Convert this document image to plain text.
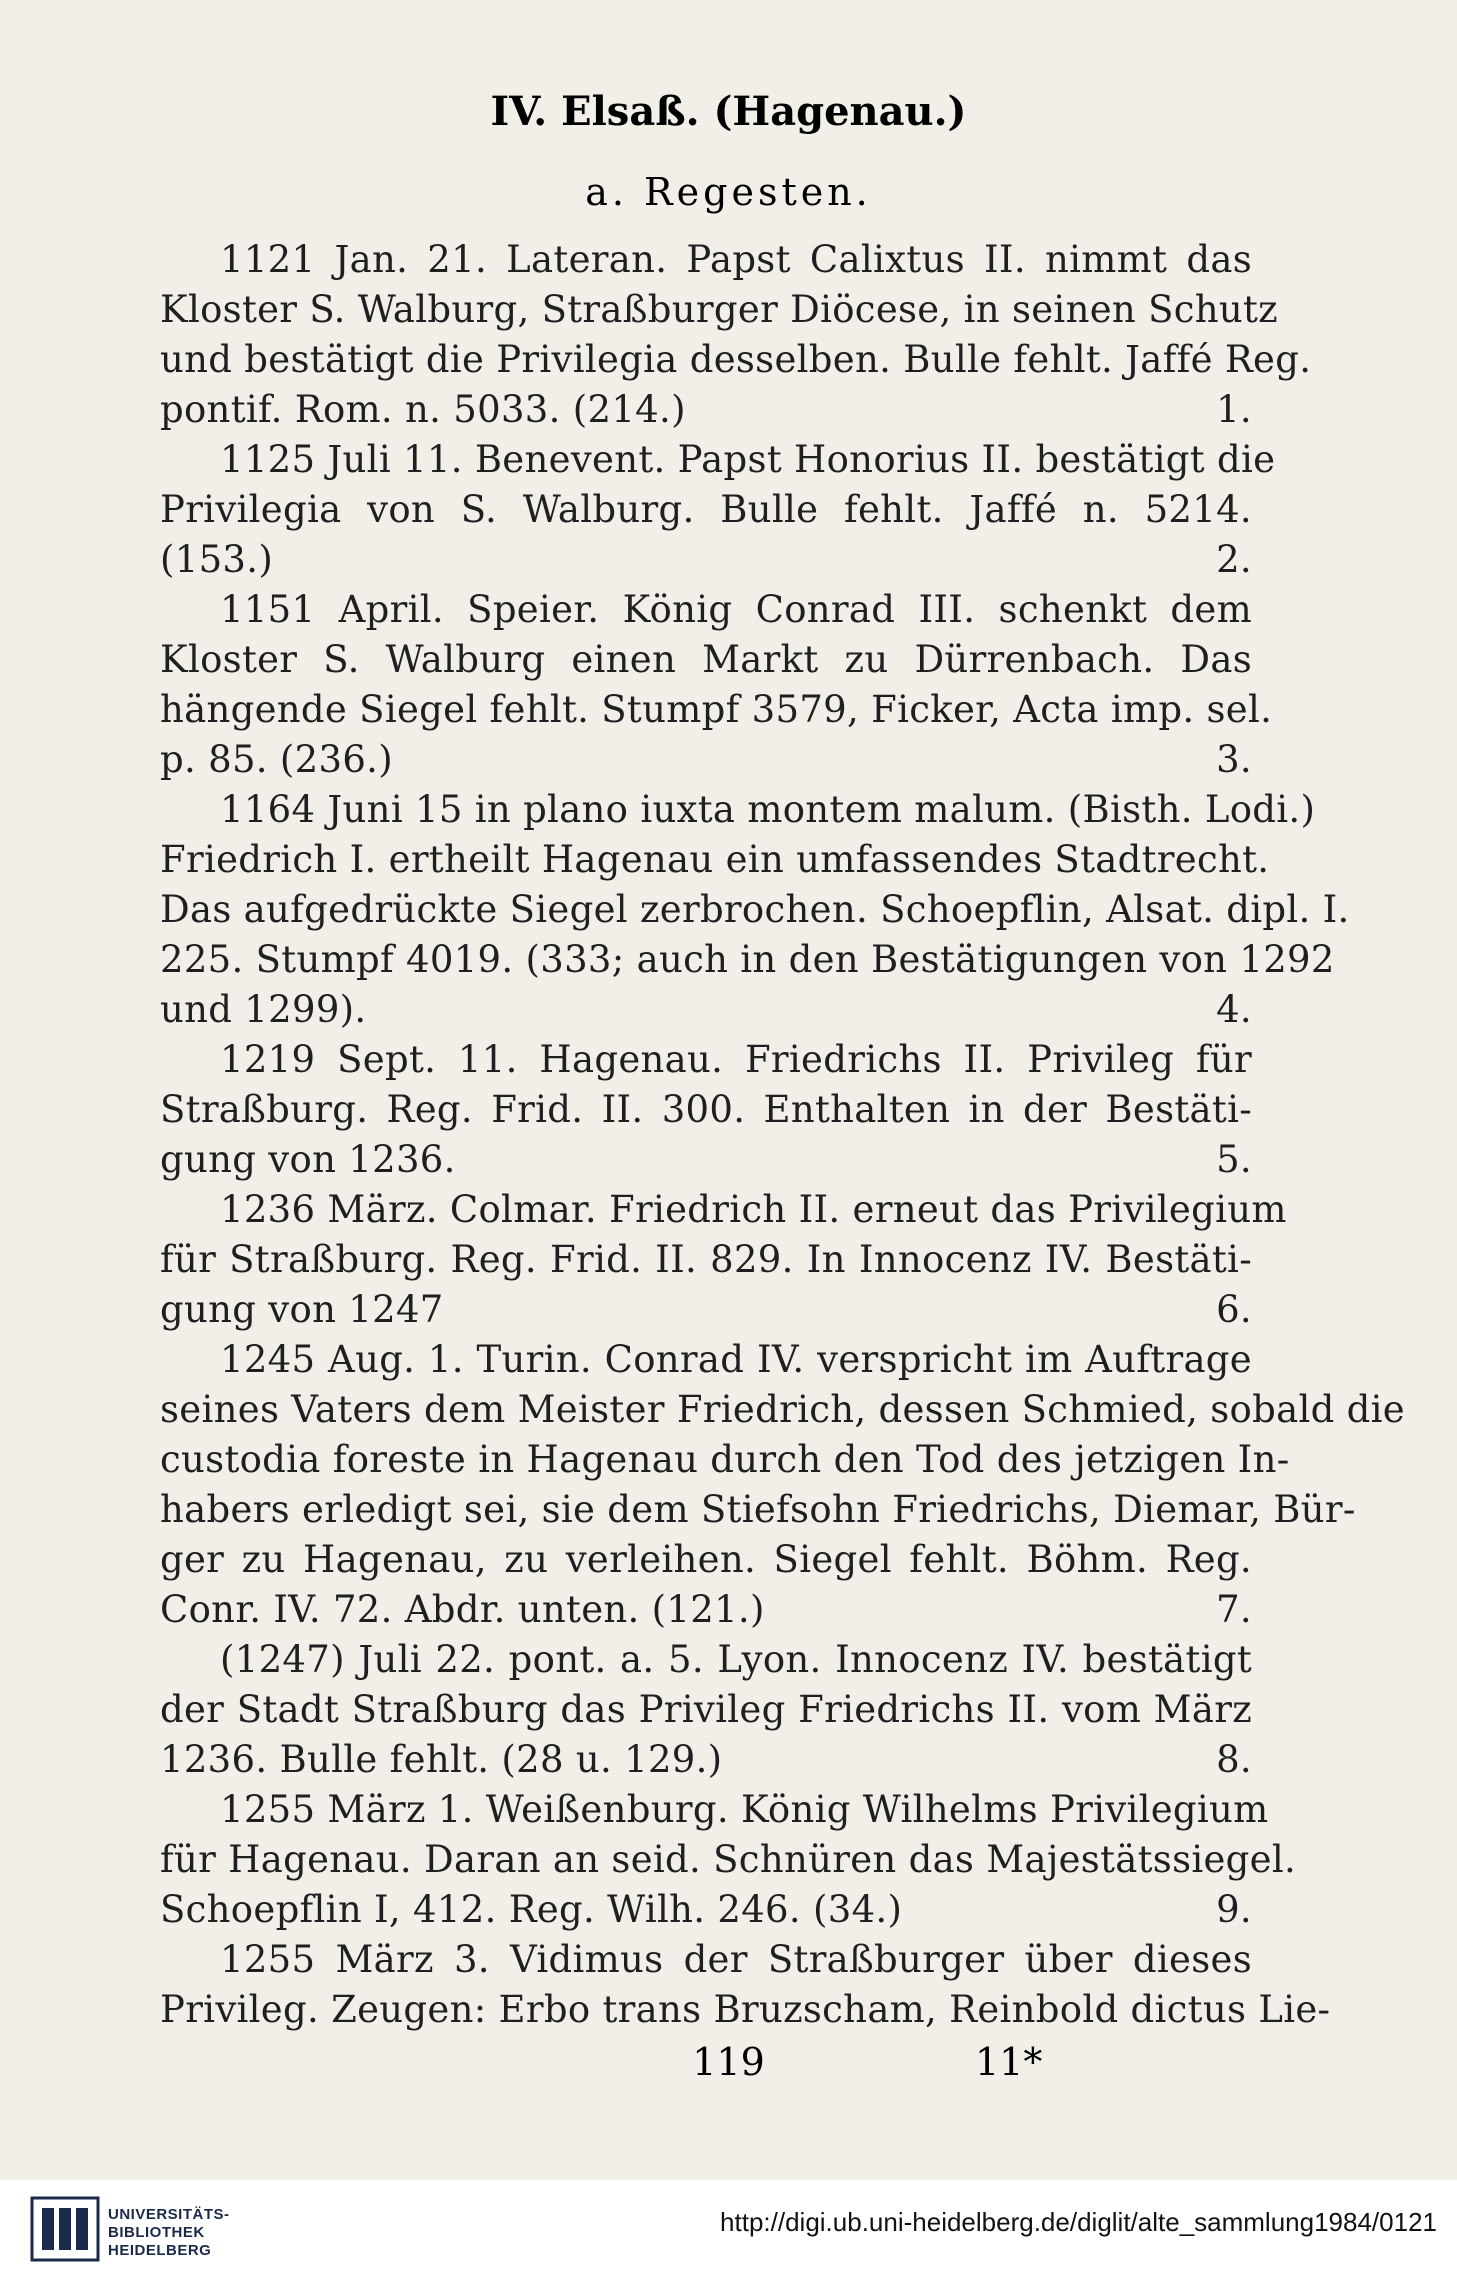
IV. Elsaß. (Hagenau.)
a. Regesten.
1121 Jan. 21. Lateran. Papst Calixtus II. nimmt das
Kloster S. Walburg, Straßburger Diöcese, in seinen Schutz
und bestätigt die Privilegia desselben. Bulle fehlt. Jaffé Reg.
pontif. Rom. n. 5033. (214.)	1.
1125 Juli 11. Benevent. Papst Honorius II. bestätigt die
Privilegia von S. Walburg. Bulle fehlt. Jaffé n. 5214.
(153.)	2.
1151 April. Speier. König Conrad III. schenkt dem
Kloster S. Walburg einen Markt zu Dürrenbach. Das
hängende Siegel fehlt. Stumpf 3579, Ficker, Acta imp. sel.
p. 85. (236.)	3.
1164 Juni 15 in plano iuxta montem malum. (Bisth. Lodi.)
Friedrich I. ertheilt Hagenau ein umfassendes Stadtrecht.
Das aufgedrückte Siegel zerbrochen. Schoepflin, Alsat. dipl. I.
225. Stumpf 4019. (333; auch in den Bestätigungen von 1292
und 1299).	4.
1219 Sept. 11. Hagenau. Friedrichs II. Privileg für
Straßburg. Reg. Frid. II. 300. Enthalten in der Bestäti-
gung von 1236.	5.
1236 März. Colmar. Friedrich II. erneut das Privilegium
für Straßburg. Reg. Frid. II. 829. In Innocenz IV. Bestäti-
gung von 1247	6.
1245 Aug. 1. Turin. Conrad IV. verspricht im Auftrage
seines Vaters dem Meister Friedrich, dessen Schmied, sobald die
custodia foreste in Hagenau durch den Tod des jetzigen In-
habers erledigt sei, sie dem Stiefsohn Friedrichs, Diemar, Bür-
ger zu Hagenau, zu verleihen. Siegel fehlt. Böhm. Reg.
Conr. IV. 72. Abdr. unten. (121.)	7.
(1247) Juli 22. pont. a. 5. Lyon. Innocenz IV. bestätigt
der Stadt Straßburg das Privileg Friedrichs II. vom März
1236. Bulle fehlt. (28 u. 129.)	8.
1255 März 1. Weißenburg. König Wilhelms Privilegium
für Hagenau. Daran an seid. Schnüren das Majestätssiegel.
Schoepflin I, 412. Reg. Wilh. 246. (34.)	9.
1255 März 3. Vidimus der Straßburger über dieses
Privileg. Zeugen: Erbo trans Bruzscham, Reinbold dictus Lie-
119	11*
UNIVERSITÄTS-
BIBLIOTHEK
HEIDELBERG
http://digi.ub.uni-heidelberg.de/diglit/alte_sammlung1984/0121
